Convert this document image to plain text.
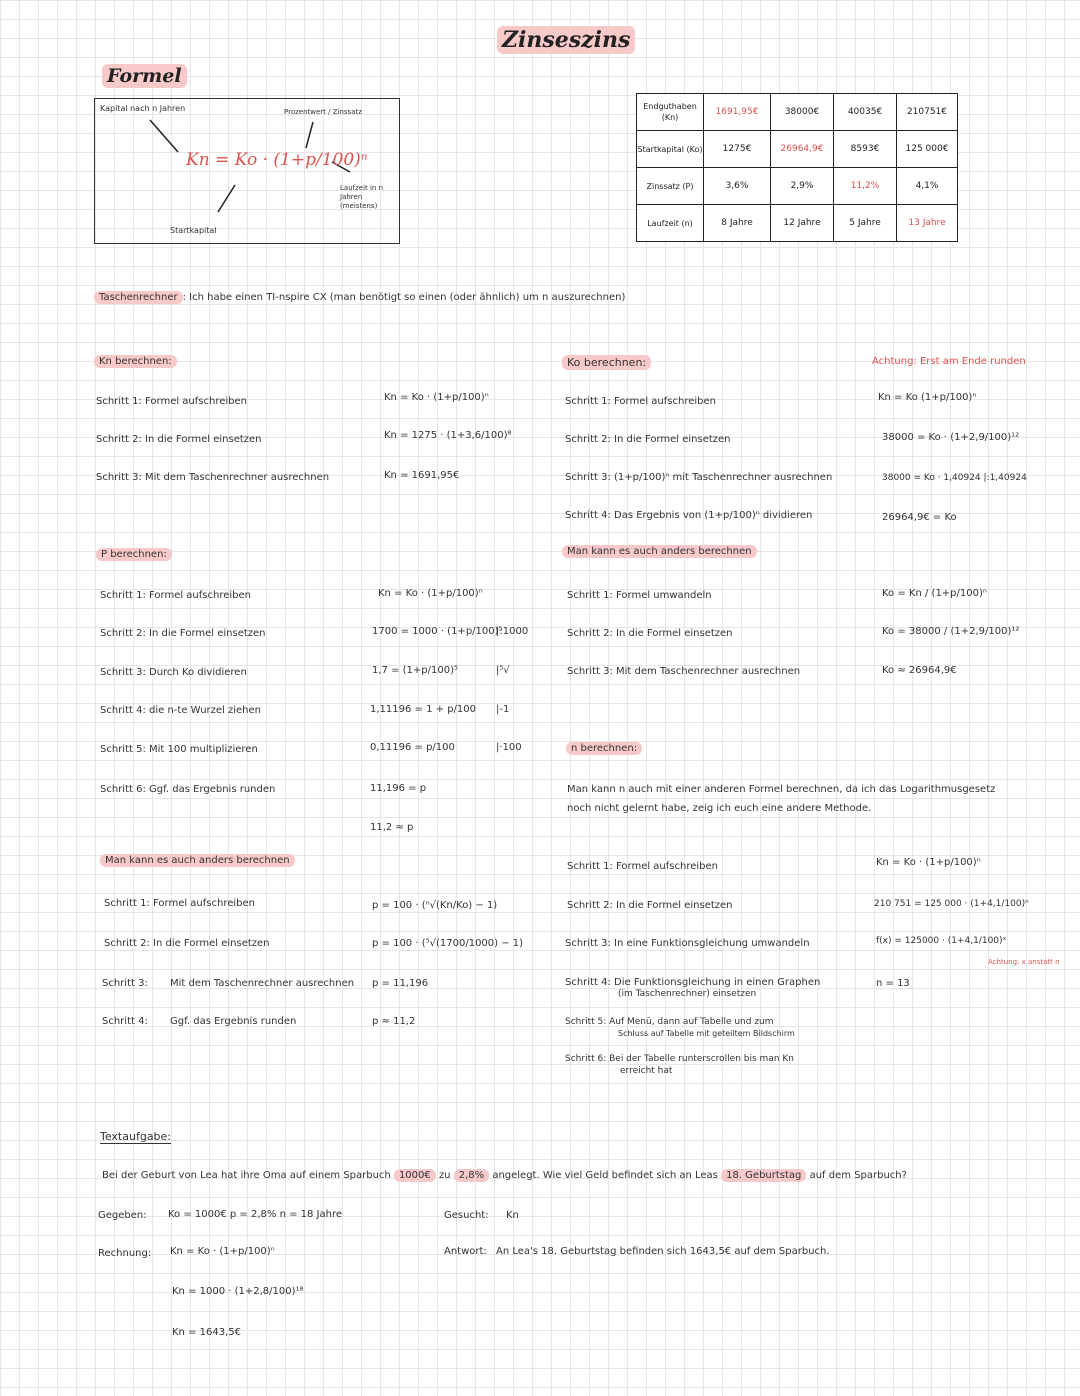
Zinseszins
Formel
Kapital nach n Jahren	Prozentwert / Zinssatz
Kn = Ko · (1+p/100)ⁿ
Laufzeit in n Jahren (meistens)
Startkapital
Endguthaben (Kn)	1691,95€	38000€	40035€	210751€
Startkapital (Ko)	1275€	26964,9€	8593€	125 000€
Zinssatz (P)	3,6%	2,9%	11,2%	4,1%
Laufzeit (n)	8 Jahre	12 Jahre	5 Jahre	13 Jahre
Taschenrechner : Ich habe einen TI-nspire CX (man benötigt so einen (oder ähnlich) um n auszurechnen)
Kn berechnen:
Schritt 1: Formel aufschreiben	Kn = Ko · (1+p/100)ⁿ
Schritt 2: In die Formel einsetzen	Kn = 1275 · (1+3,6/100)⁸
Schritt 3: Mit dem Taschenrechner ausrechnen	Kn = 1691,95€
Ko berechnen:	Achtung: Erst am Ende runden
Schritt 1: Formel aufschreiben	Kn = Ko (1+p/100)ⁿ
Schritt 2: In die Formel einsetzen	38000 = Ko · (1+2,9/100)¹²
Schritt 3: (1+p/100)ⁿ mit Taschenrechner ausrechnen	38000 = Ko · 1,40924 |:1,40924
Schritt 4: Das Ergebnis von (1+p/100)ⁿ dividieren	26964,9€ = Ko
Man kann es auch anders berechnen
Schritt 1: Formel umwandeln	Ko = Kn / (1+p/100)ⁿ
Schritt 2: In die Formel einsetzen	Ko = 38000 / (1+2,9/100)¹²
Schritt 3: Mit dem Taschenrechner ausrechnen	Ko ≈ 26964,9€
P berechnen:
Schritt 1: Formel aufschreiben	Kn = Ko · (1+p/100)ⁿ
Schritt 2: In die Formel einsetzen	1700 = 1000 · (1+p/100)⁵
|:1000
Schritt 3: Durch Ko dividieren	1,7 = (1+p/100)⁵	|⁵√
Schritt 4: die n-te Wurzel ziehen	1,11196 = 1 + p/100 |-1
Schritt 5: Mit 100 multiplizieren	0,11196 = p/100	|·100
Schritt 6: Ggf. das Ergebnis runden	11,196 = p
11,2 ≈ p
Man kann es auch anders berechnen
Schritt 1: Formel aufschreiben	p = 100 · (ⁿ√(Kn/Ko) − 1)
Schritt 2: In die Formel einsetzen	p = 100 · (⁵√(1700/1000) − 1)
Schritt 3: Mit dem Taschenrechner ausrechnen p = 11,196
Schritt 4: Ggf. das Ergebnis runden	p ≈ 11,2
n berechnen:
Man kann n auch mit einer anderen Formel berechnen, da ich das Logarithmusgesetz
noch nicht gelernt habe, zeig ich euch eine andere Methode.
Schritt 1: Formel aufschreiben	Kn = Ko · (1+p/100)ⁿ
Schritt 2: In die Formel einsetzen	210 751 = 125 000 · (1+4,1/100)ⁿ
Schritt 3: In eine Funktionsgleichung umwandeln	f(x) = 125000 · (1+4,1/100)ˣ
Achtung: x anstatt n
Schritt 4: Die Funktionsgleichung in einen Graphen
(im Taschenrechner) einsetzen
n = 13
Schritt 5: Auf Menü, dann auf Tabelle und zum
Schluss auf Tabelle mit geteiltem Bildschirm
Schritt 6: Bei der Tabelle runterscrollen bis man Kn
erreicht hat
Textaufgabe:
Bei der Geburt von Lea hat ihre Oma auf einem Sparbuch 1000€ zu 2,8% angelegt. Wie viel Geld befindet sich an Leas 18. Geburtstag auf dem Sparbuch?
Gegeben: Ko = 1000€ p = 2,8% n = 18 Jahre	Gesucht: Kn
Rechnung: Kn = Ko · (1+p/100)ⁿ	Antwort: An Lea's 18. Geburtstag befinden sich 1643,5€ auf dem Sparbuch.
Kn = 1000 · (1+2,8/100)¹⁸
Kn = 1643,5€
